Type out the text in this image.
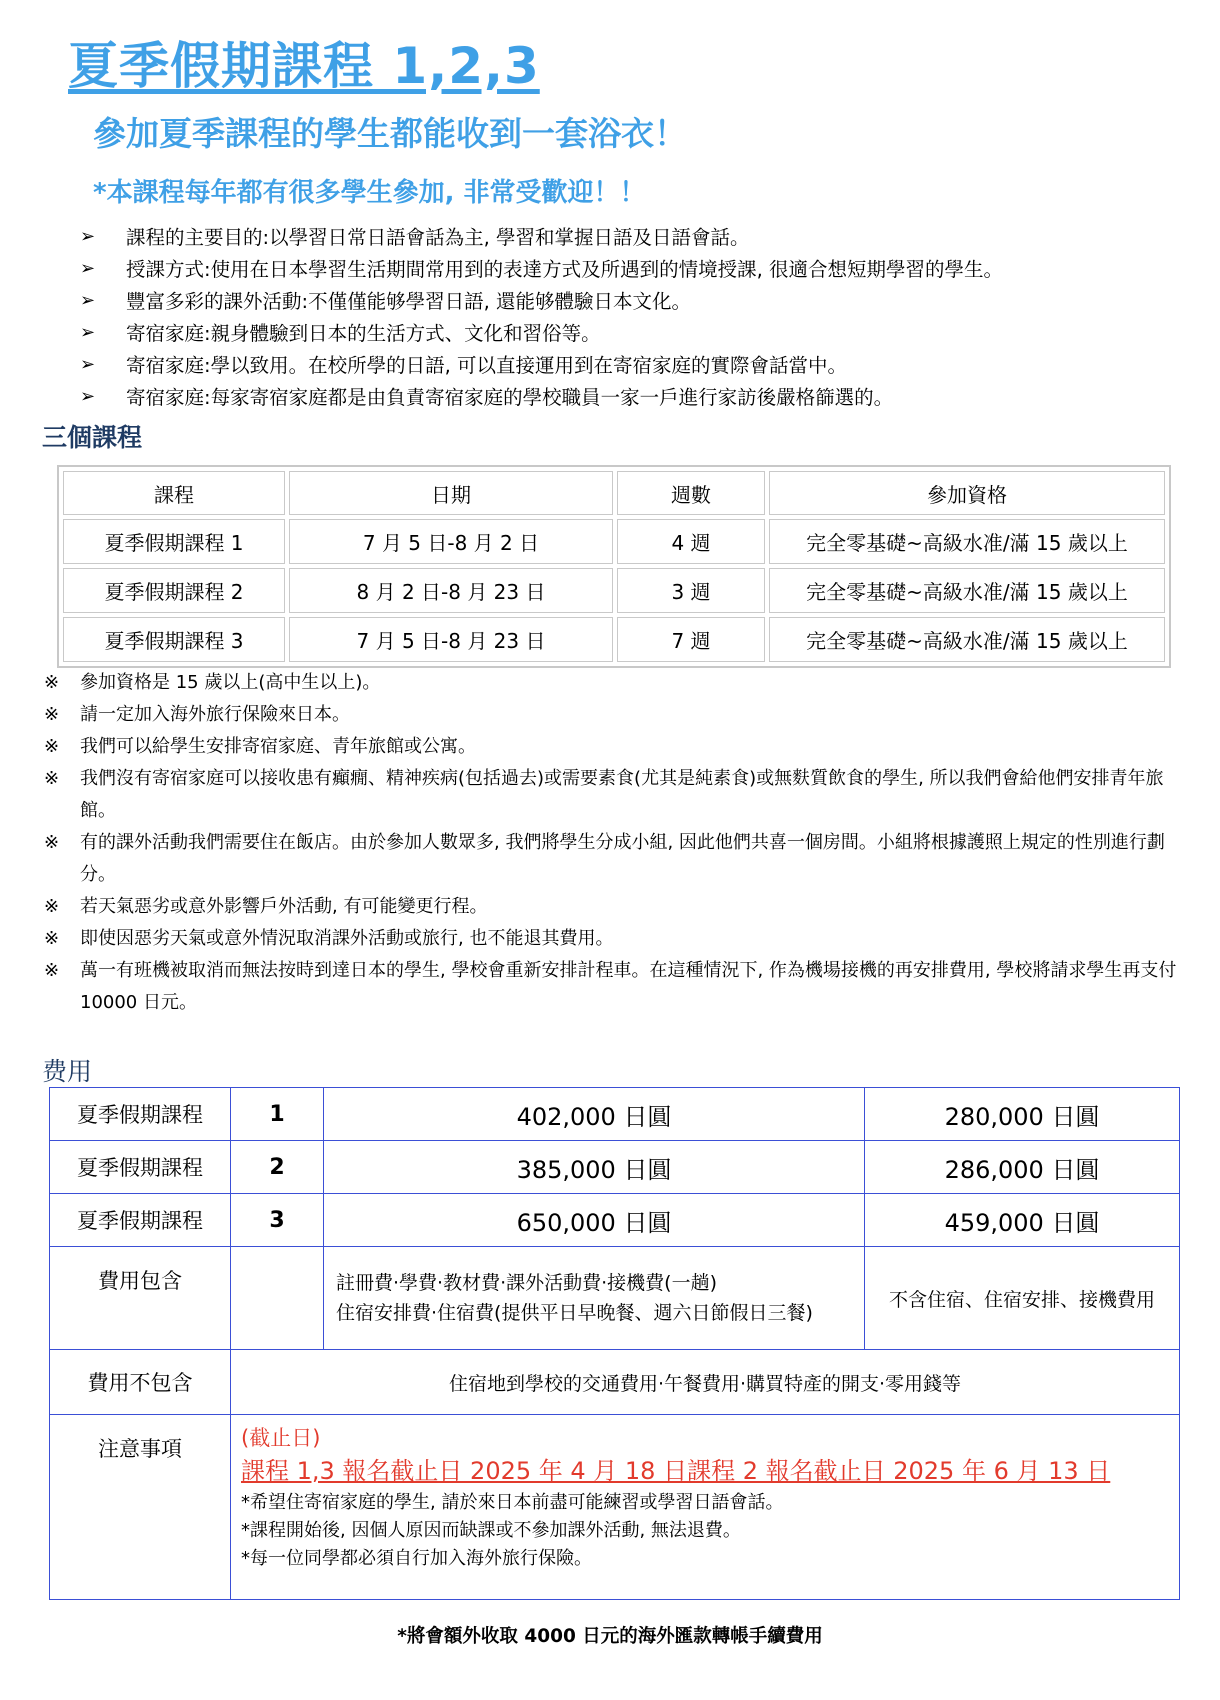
夏季假期課程 1,2,3
參加夏季課程的學生都能收到一套浴衣！
*本課程每年都有很多學生參加, 非常受歡迎！！
➢	課程的主要目的:以學習日常日語會話為主, 學習和掌握日語及日語會話。
➢	授課方式:使用在日本學習生活期間常用到的表達方式及所遇到的情境授課, 很適合想短期學習的學生。
➢	豐富多彩的課外活動:不僅僅能够學習日語, 還能够體驗日本文化。
➢	寄宿家庭:親身體驗到日本的生活方式、文化和習俗等。
➢	寄宿家庭:學以致用。在校所學的日語, 可以直接運用到在寄宿家庭的實際會話當中。
➢	寄宿家庭:每家寄宿家庭都是由負責寄宿家庭的學校職員一家一戶進行家訪後嚴格篩選的。
三個課程
課程	日期	週數	參加資格
夏季假期課程 1	7 月 5 日-8 月 2 日	4 週	完全零基礎~高級水准/滿 15 歲以上
夏季假期課程 2	8 月 2 日-8 月 23 日	3 週	完全零基礎~高級水准/滿 15 歲以上
夏季假期課程 3	7 月 5 日-8 月 23 日	7 週	完全零基礎~高級水准/滿 15 歲以上
※	參加資格是 15 歲以上(高中生以上)。
※	請一定加入海外旅行保險來日本。
※	我們可以給學生安排寄宿家庭、青年旅館或公寓。
※	我們沒有寄宿家庭可以接收患有癲癇、精神疾病(包括過去)或需要素食(尤其是純素食)或無麩質飲食的學生, 所以我們會給他們安排青年旅館。
※	有的課外活動我們需要住在飯店。由於參加人數眾多, 我們將學生分成小組, 因此他們共喜一個房間。小組將根據護照上規定的性別進行劃分。
※	若天氣惡劣或意外影響戶外活動, 有可能變更行程。
※	即使因惡劣天氣或意外情況取消課外活動或旅行, 也不能退其費用。
※	萬一有班機被取消而無法按時到達日本的學生, 學校會重新安排計程車。在這種情況下, 作為機場接機的再安排費用, 學校將請求學生再支付 10000 日元。
费用
夏季假期課程	1	402,000 日圓	280,000 日圓
夏季假期課程	2	385,000 日圓	286,000 日圓
夏季假期課程	3	650,000 日圓	459,000 日圓
費用包含		註冊費·學費·教材費·課外活動費·接機費(一趟)
住宿安排費·住宿費(提供平日早晚餐、週六日節假日三餐)	不含住宿、住宿安排、接機費用
費用不包含	住宿地到學校的交通費用·午餐費用·購買特產的開支·零用錢等		
注意事項	(截止日)
課程 1,3 報名截止日 2025 年 4 月 18 日課程 2 報名截止日 2025 年 6 月 13 日
*希望住寄宿家庭的學生, 請於來日本前盡可能練習或學習日語會話。
*課程開始後, 因個人原因而缺課或不參加課外活動, 無法退費。
*每一位同學都必須自行加入海外旅行保險。		
*將會額外收取 4000 日元的海外匯款轉帳手續費用
